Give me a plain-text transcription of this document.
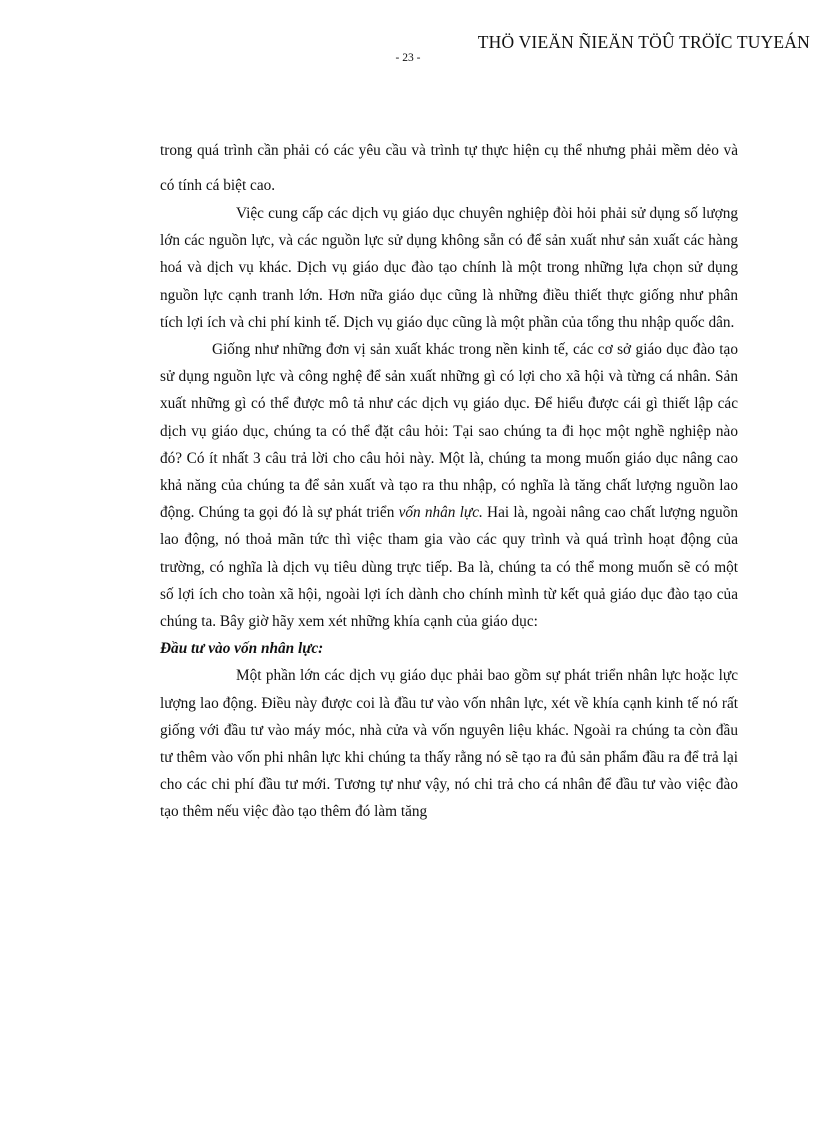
THÖ VIEÄN ÑIEÄN TÖÛ TRÖÏC TUYEÁN
- 23 -

trong quá trình cần phải có các yêu cầu và trình tự thực hiện cụ thể nhưng phải mềm dẻo và có tính cá biệt cao.

Việc cung cấp các dịch vụ giáo dục chuyên nghiệp đòi hỏi phải sử dụng số lượng lớn các nguồn lực, và các nguồn lực sử dụng không sẵn có để sản xuất như sản xuất các hàng hoá và dịch vụ khác. Dịch vụ giáo dục đào tạo chính là một trong những lựa chọn sử dụng nguồn lực cạnh tranh lớn. Hơn nữa giáo dục cũng là những điều thiết thực giống như phân tích lợi ích và chi phí kinh tế. Dịch vụ giáo dục cũng là một phần của tổng thu nhập quốc dân.

Giống như những đơn vị sản xuất khác trong nền kinh tế, các cơ sở giáo dục đào tạo sử dụng nguồn lực và công nghệ để sản xuất những gì có lợi cho xã hội và từng cá nhân. Sản xuất những gì có thể được mô tả như các dịch vụ giáo dục. Để hiểu được cái gì thiết lập các dịch vụ giáo dục, chúng ta có thể đặt câu hỏi: Tại sao chúng ta đi học một nghề nghiệp nào đó? Có ít nhất 3 câu trả lời cho câu hỏi này. Một là, chúng ta mong muốn giáo dục nâng cao khả năng của chúng ta để sản xuất và tạo ra thu nhập, có nghĩa là tăng chất lượng nguồn lao động. Chúng ta gọi đó là sự phát triển vốn nhân lực. Hai là, ngoài nâng cao chất lượng nguồn lao động, nó thoả mãn tức thì việc tham gia vào các quy trình và quá trình hoạt động của trường, có nghĩa là dịch vụ tiêu dùng trực tiếp. Ba là, chúng ta có thể mong muốn sẽ có một số lợi ích cho toàn xã hội, ngoài lợi ích dành cho chính mình từ kết quả giáo dục đào tạo của chúng ta. Bây giờ hãy xem xét những khía cạnh của giáo dục:

Đầu tư vào vốn nhân lực:

Một phần lớn các dịch vụ giáo dục phải bao gồm sự phát triển nhân lực hoặc lực lượng lao động. Điều này được coi là đầu tư vào vốn nhân lực, xét về khía cạnh kinh tế nó rất giống với đầu tư vào máy móc, nhà cửa và vốn nguyên liệu khác. Ngoài ra chúng ta còn đầu tư thêm vào vốn phi nhân lực khi chúng ta thấy rằng nó sẽ tạo ra đủ sản phẩm đầu ra để trả lại cho các chi phí đầu tư mới. Tương tự như vậy, nó chi trả cho cá nhân để đầu tư vào việc đào tạo thêm nếu việc đào tạo thêm đó làm tăng
